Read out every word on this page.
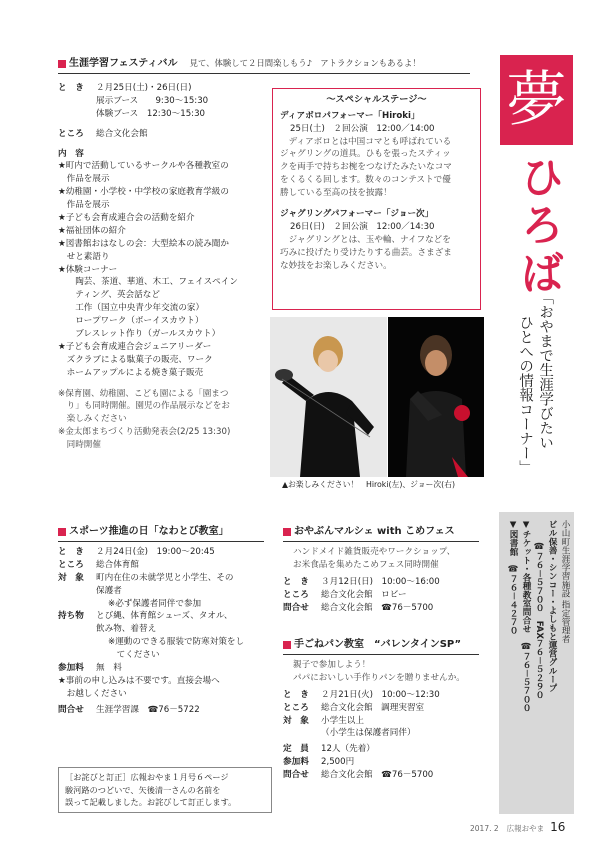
生涯学習フェスティバル 見て、体験して２日間楽しもう♪　アトラクションもあるよ！
と　き	２月25日(土)・26日(日)
展示ブース　　9:30～15:30
体験ブース　12:30～15:30
ところ	総合文化会館
内　容
★町内で活動しているサークルや各種教室の
　作品を展示
★幼稚園・小学校・中学校の家庭教育学級の
　作品を展示
★子ども会育成連合会の活動を紹介
★福祉団体の紹介
★図書館おはなしの会：大型絵本の読み聞か
　せと素語り
★体験コーナー
　　陶芸、茶道、華道、木工、フェイスペイン
　　ティング、英会話など
　　工作（国立中央青少年交流の家）
　　ロープワーク（ボーイスカウト）
　　ブレスレット作り（ガールスカウト）
★子ども会育成連合会ジュニアリーダー
　ズクラブによる駄菓子の販売、ワーク
　ホームアップルによる焼き菓子販売
※保育園、幼稚園、こども園による「園まつ
　り」も同時開催。園児の作品展示などをお
　楽しみください
※金太郎まちづくり活動発表会(2/25 13:30)
　同時開催
～スペシャルステージ～
ディアボロパフォーマー「Hiroki」
25日(土)　２回公演　12:00／14:00
　ディアボロとは中国コマとも呼ばれている
ジャグリングの道具。ひもを張ったスティッ
クを両手で持ちお椀をつなげたみたいなコマ
をくるくる回します。数々のコンテストで優
勝している至高の技を披露！
ジャグリングパフォーマー「ジョー次」
26日(日)　２回公演　12:00／14:30
　ジャグリングとは、玉や輪、ナイフなどを
巧みに投げたり受けたりする曲芸。さまざま
な妙技をお楽しみください。
▲お楽しみください！　Hiroki(左)、ジョー次(右)
夢
ひろば
「おやまで生涯学びたい
ひとへの情報コーナー」
小山町生涯学習施設 指定管理者
ビル保善・シンコー・よしもと運営グループ
☎７６－５７００　FAX７６－５２９０
▼チケット・各種教室問合せ　☎７６－５７００
▼図書館　☎７６－４２７０
スポーツ推進の日「なわとび教室」
と　き	２月24日(金)　19:00～20:45
ところ	総合体育館
対　象	町内在住の未就学児と小学生、その
保護者
※必ず保護者同伴で参加
持ち物	とび縄、体育館シューズ、タオル、
飲み物、着替え
※運動のできる服装で防寒対策をし
　てください
参加料	無　料
★事前の申し込みは不要です。直接会場へ
　お越しください
問合せ	生涯学習課　☎76－5722
［お詫びと訂正］広報おやま１月号６ページ
駿河路のつどいで、矢後清一さんの名前を
誤って記載しました。お詫びして訂正します。
おやぶんマルシェ with こめフェス
ハンドメイド雑貨販売やワークショップ、
お米食品を集めたこめフェス同時開催
と　き	３月12日(日)　10:00～16:00
ところ	総合文化会館　ロビー
問合せ	総合文化会館　☎76－5700
手ごねパン教室　“バレンタインSP”
親子で参加しよう！
パパにおいしい手作りパンを贈りませんか。
と　き	２月21日(火)　10:00～12:30
ところ	総合文化会館　調理実習室
対　象	小学生以上
（小学生は保護者同伴）
定　員	12人（先着）
参加料	2,500円
問合せ	総合文化会館　☎76－5700
2017. 2 広報おやま 16
